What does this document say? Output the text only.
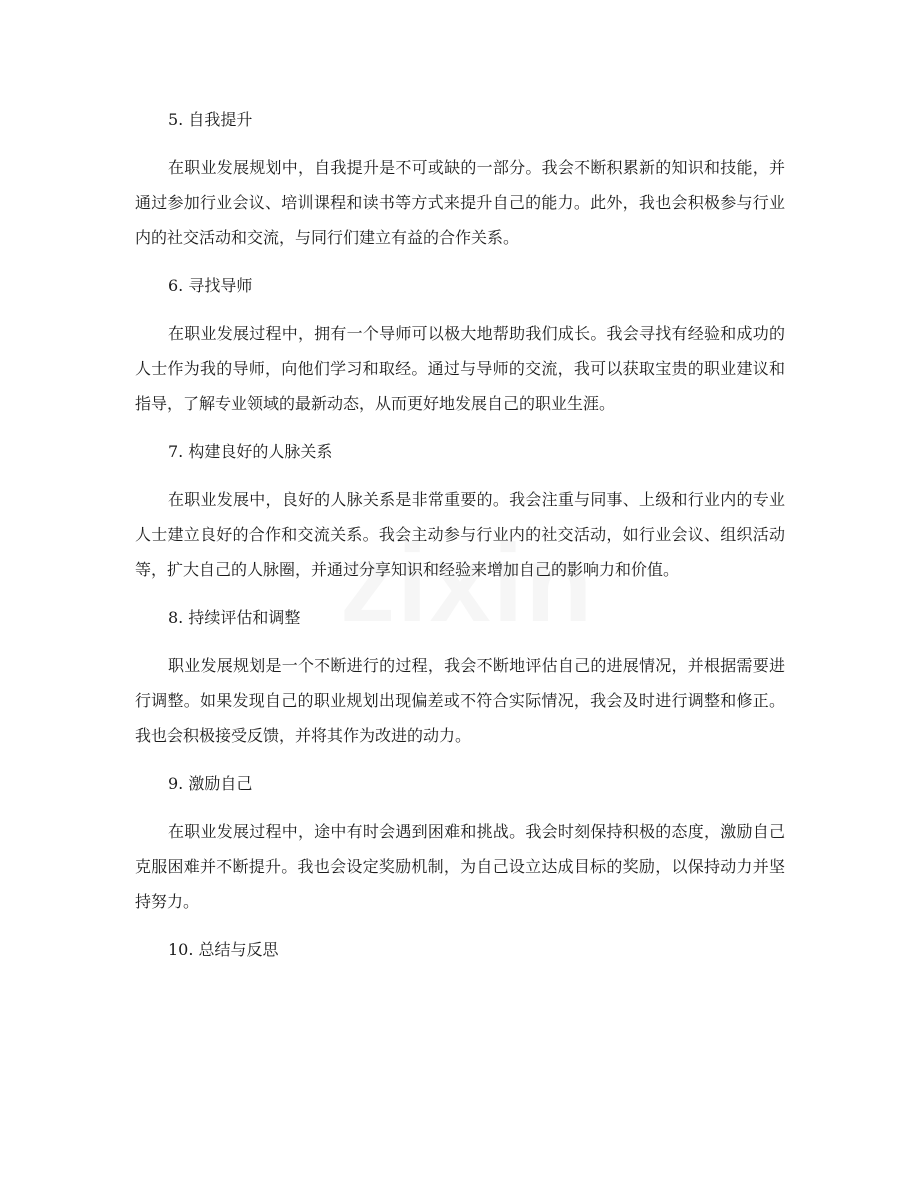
5. 自我提升

在职业发展规划中，自我提升是不可或缺的一部分。我会不断积累新的知识和技能，并通过参加行业会议、培训课程和读书等方式来提升自己的能力。此外，我也会积极参与行业内的社交活动和交流，与同行们建立有益的合作关系。

6. 寻找导师

在职业发展过程中，拥有一个导师可以极大地帮助我们成长。我会寻找有经验和成功的人士作为我的导师，向他们学习和取经。通过与导师的交流，我可以获取宝贵的职业建议和指导，了解专业领域的最新动态，从而更好地发展自己的职业生涯。

7. 构建良好的人脉关系

在职业发展中，良好的人脉关系是非常重要的。我会注重与同事、上级和行业内的专业人士建立良好的合作和交流关系。我会主动参与行业内的社交活动，如行业会议、组织活动等，扩大自己的人脉圈，并通过分享知识和经验来增加自己的影响力和价值。

8. 持续评估和调整

职业发展规划是一个不断进行的过程，我会不断地评估自己的进展情况，并根据需要进行调整。如果发现自己的职业规划出现偏差或不符合实际情况，我会及时进行调整和修正。我也会积极接受反馈，并将其作为改进的动力。

9. 激励自己

在职业发展过程中，途中有时会遇到困难和挑战。我会时刻保持积极的态度，激励自己克服困难并不断提升。我也会设定奖励机制，为自己设立达成目标的奖励，以保持动力并坚持努力。

10. 总结与反思
